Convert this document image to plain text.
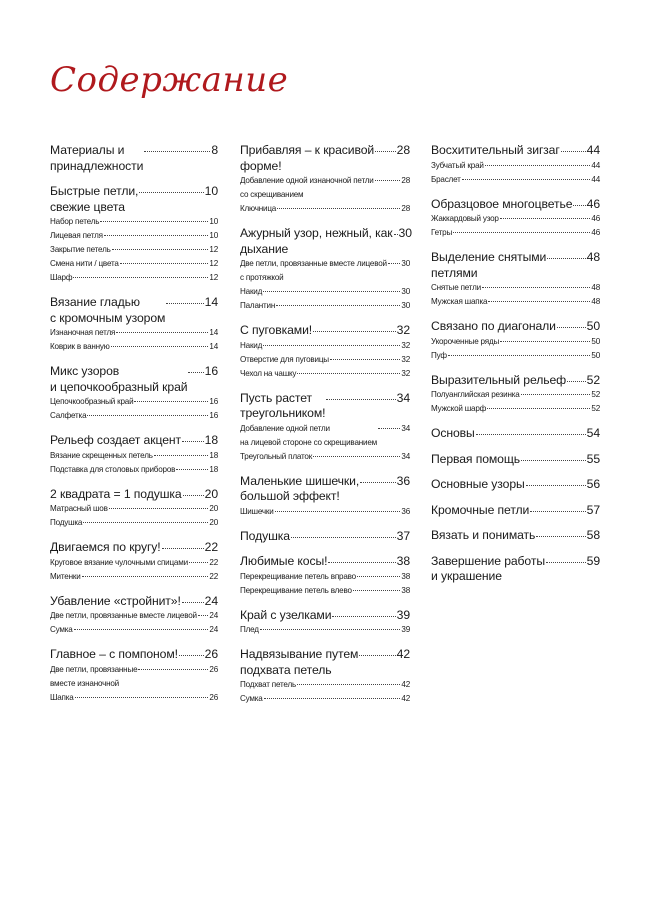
Содержание
Материалы и
принадлежности
8
Быстрые петли,
свежие цвета
10
Набор петель	10
Лицевая петля	10
Закрытие петель	12
Смена нити / цвета	12
Шарф	12
Вязание гладью
с кромочным узором
14
Изнаночная петля	14
Коврик в ванную	14
Микс узоров
и цепочкообразный край
16
Цепочкообразный край	16
Салфетка	16
Рельеф создает акцент 18
Вязание скрещенных петель	18
Подставка для столовых приборов	18
2 квадрата = 1 подушка 20
Матрасный шов	20
Подушка	20
Двигаемся по кругу!	22
Круговое вязание чулочными спицами	22
Митенки	22
Убавление «стройнит»! 24
Две петли, провязанные вместе лицевой 24
Сумка	24
Главное – с помпоном! 26
Две петли, провязанные
вместе изнаночной
26
Шапка	26
Прибавляя – к красивой
форме!
28
Добавление одной изнаночной петли
со скрещиванием
28
Ключница	28
Ажурный узор, нежный, как
дыхание
30
Две петли, провязанные вместе лицевой
с протяжкой
30
Накид	30
Палантин	30
С пуговками!	32
Накид	32
Отверстие для пуговицы	32
Чехол на чашку	32
Пусть растет
треугольником!
34
Добавление одной петли
на лицевой стороне со скрещиванием
34
Треугольный платок	34
Маленькие шишечки,
большой эффект!
36
Шишечки	36
Подушка	37
Любимые косы!	38
Перекрещивание петель вправо	38
Перекрещивание петель влево	38
Край с узелками	39
Плед	39
Надвязывание путем
подхвата петель
42
Подхват петель	42
Сумка	42
Восхитительный зигзаг 44
Зубчатый край	44
Браслет	44
Образцовое многоцветье 46
Жаккардовый узор	46
Гетры	46
Выделение снятыми
петлями
48
Снятые петли	48
Мужская шапка	48
Связано по диагонали	50
Укороченные ряды	50
Пуф	50
Выразительный рельеф 52
Полуанглийская резинка	52
Мужской шарф	52
Основы	54
Первая помощь	55
Основные узоры	56
Кромочные петли	57
Вязать и понимать	58
Завершение работы
и украшение
59
